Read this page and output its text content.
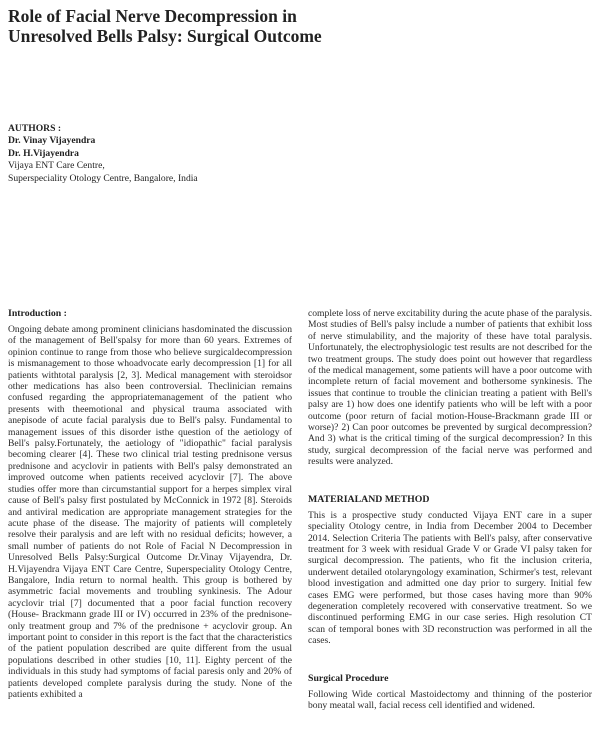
Role of Facial Nerve Decompression in
Unresolved Bells Palsy: Surgical Outcome
AUTHORS :
Dr. Vinay Vijayendra
Dr. H.Vijayendra
Vijaya ENT Care Centre,
Superspeciality Otology Centre, Bangalore, India
Introduction :

Ongoing debate among prominent clinicians hasdominated the discussion of the management of Bell'spalsy for more than 60 years. Extremes of opinion continue to range from those who believe surgicaldecompression is mismanagement to those whoadvocate early decompression [1] for all patients withtotal paralysis [2, 3]. Medical management with steroidsor other medications has also been controversial. Theclinician remains confused regarding the appropriatemanagement of the patient who presents with theemotional and physical trauma associated with anepisode of acute facial paralysis due to Bell's palsy. Fundamental to management issues of this disorder isthe question of the aetiology of Bell's palsy.Fortunately, the aetiology of "idiopathic" facial paralysis becoming clearer [4]. These two clinical trial testing prednisone versus prednisone and acyclovir in patients with Bell's palsy demonstrated an improved outcome when patients received acyclovir [7]. The above studies offer more than circumstantial support for a herpes simplex viral cause of Bell's palsy first postulated by McConnick in 1972 [8]. Steroids and antiviral medication are appropriate management strategies for the acute phase of the disease. The majority of patients will completely resolve their paralysis and are left with no residual deficits; however, a small number of patients do not Role of Facial N Decompression in Unresolved Bells Palsy:Surgical Outcome Dr.Vinay Vijayendra, Dr. H.Vijayendra Vijaya ENT Care Centre, Superspeciality Otology Centre, Bangalore, India return to normal health. This group is bothered by asymmetric facial movements and troubling synkinesis. The Adour acyclovir trial [7] documented that a poor facial function recovery (House- Brackmann grade III or IV) occurred in 23% of the prednisone-only treatment group and 7% of the prednisone + acyclovir group. An important point to consider in this report is the fact that the characteristics of the patient population described are quite different from the usual populations described in other studies [10, 11]. Eighty percent of the individuals in this study had symptoms of facial paresis only and 20% of patients developed complete paralysis during the study. None of the patients exhibited a

complete loss of nerve excitability during the acute phase of the paralysis. Most studies of Bell's palsy include a number of patients that exhibit loss of nerve stimulability, and the majority of these have total paralysis. Unfortunately, the electrophysiologic test results are not described for the two treatment groups. The study does point out however that regardless of the medical management, some patients will have a poor outcome with incomplete return of facial movement and bothersome synkinesis. The issues that continue to trouble the clinician treating a patient with Bell's palsy are 1) how does one identify patients who will be left with a poor outcome (poor return of facial motion-House-Brackmann grade III or worse)? 2) Can poor outcomes be prevented by surgical decompression? And 3) what is the critical timing of the surgical decompression? In this study, surgical decompression of the facial nerve was performed and results were analyzed.

MATERIALAND METHOD

This is a prospective study conducted Vijaya ENT care in a super speciality Otology centre, in India from December 2004 to December 2014. Selection Criteria The patients with Bell's palsy, after conservative treatment for 3 week with residual Grade V or Grade VI palsy taken for surgical decompression. The patients, who fit the inclusion criteria, underwent detailed otolaryngology examination, Schirmer's test, relevant blood investigation and admitted one day prior to surgery. Initial few cases EMG were performed, but those cases having more than 90% degeneration completely recovered with conservative treatment. So we discontinued performing EMG in our case series. High resolution CT scan of temporal bones with 3D reconstruction was performed in all the cases.

Surgical Procedure

Following Wide cortical Mastoidectomy and thinning of the posterior bony meatal wall, facial recess cell identified and widened.
